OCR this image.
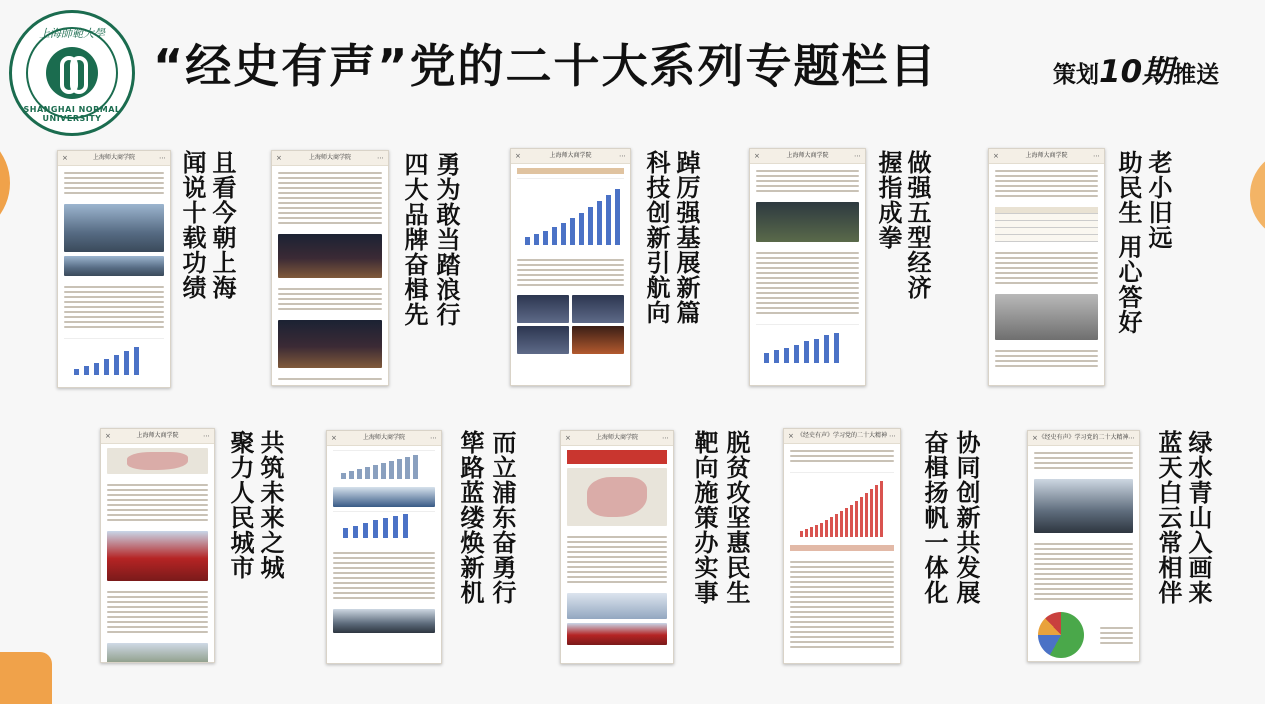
上海師範大學
SHANGHAI NORMAL UNIVERSITY
“经史有声”党的二十大系列专题栏目	策划10期推送
×	上海师大商学院	⋯ 且看今朝上海
闻说十载功绩	×	上海师大商学院	⋯ 勇为敢当踏浪行
四大品牌奋楫先	×	上海师大商学院	⋯ 踔厉强基展新篇
科技创新引航向	×	上海师大商学院	⋯ 做强五型经济
握指成拳	×	上海师大商学院	⋯ 老小旧远
助民生 用心答好
×	上海师大商学院	⋯ 共筑未来之城
聚力人民城市	×	上海师大商学院	⋯ 而立浦东奋勇行
筚路蓝缕焕新机	×	上海师大商学院	⋯ 脱贫攻坚惠民生
靶向施策办实事	× 《经史有声》学习党的二十大精神 ⋯ 协同创新共发展
奋楫扬帆一体化	× 《经史有声》学习党的二十大精神 ⋯ 绿水青山入画来
蓝天白云常相伴
